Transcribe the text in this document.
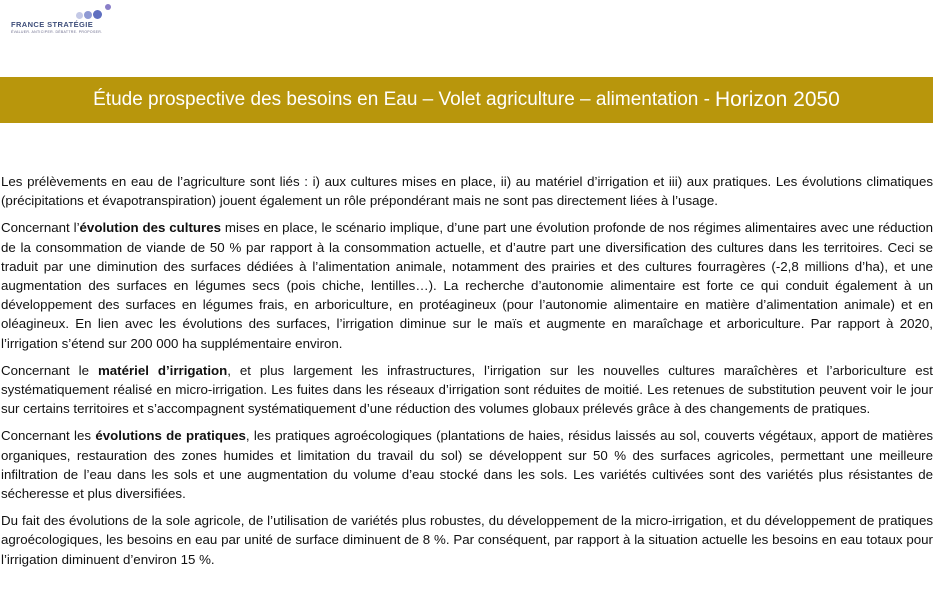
FRANCE STRATÉGIE
ÉVALUER. ANTICIPER. DÉBATTRE. PROPOSER.
Étude prospective des besoins en Eau – Volet agriculture – alimentation - Horizon 2050

Les prélèvements en eau de l’agriculture sont liés : i) aux cultures mises en place, ii) au matériel d’irrigation et iii) aux pratiques. Les évolutions climatiques (précipitations et évapotranspiration) jouent également un rôle prépondérant mais ne sont pas directement liées à l’usage.

Concernant l’évolution des cultures mises en place, le scénario implique, d’une part une évolution profonde de nos régimes alimentaires avec une réduction de la consommation de viande de 50 % par rapport à la consommation actuelle, et d’autre part une diversification des cultures dans les territoires. Ceci se traduit par une diminution des surfaces dédiées à l’alimentation animale, notamment des prairies et des cultures fourragères (-2,8 millions d’ha), et une augmentation des surfaces en légumes secs (pois chiche, lentilles…). La recherche d’autonomie alimentaire est forte ce qui conduit également à un développement des surfaces en légumes frais, en arboriculture, en protéagineux (pour l’autonomie alimentaire en matière d’alimentation animale) et en oléagineux. En lien avec les évolutions des surfaces, l’irrigation diminue sur le maïs et augmente en maraîchage et arboriculture. Par rapport à 2020, l’irrigation s’étend sur 200 000 ha supplémentaire environ.

Concernant le matériel d’irrigation, et plus largement les infrastructures, l’irrigation sur les nouvelles cultures maraîchères et l’arboriculture est systématiquement réalisé en micro-irrigation. Les fuites dans les réseaux d’irrigation sont réduites de moitié. Les retenues de substitution peuvent voir le jour sur certains territoires et s’accompagnent systématiquement d’une réduction des volumes globaux prélevés grâce à des changements de pratiques.

Concernant les évolutions de pratiques, les pratiques agroécologiques (plantations de haies, résidus laissés au sol, couverts végétaux, apport de matières organiques, restauration des zones humides et limitation du travail du sol) se développent sur 50 % des surfaces agricoles, permettant une meilleure infiltration de l’eau dans les sols et une augmentation du volume d’eau stocké dans les sols. Les variétés cultivées sont des variétés plus résistantes de sécheresse et plus diversifiées.

Du fait des évolutions de la sole agricole, de l’utilisation de variétés plus robustes, du développement de la micro-irrigation, et du développement de pratiques agroécologiques, les besoins en eau par unité de surface diminuent de 8 %. Par conséquent, par rapport à la situation actuelle les besoins en eau totaux pour l’irrigation diminuent d’environ 15 %.
